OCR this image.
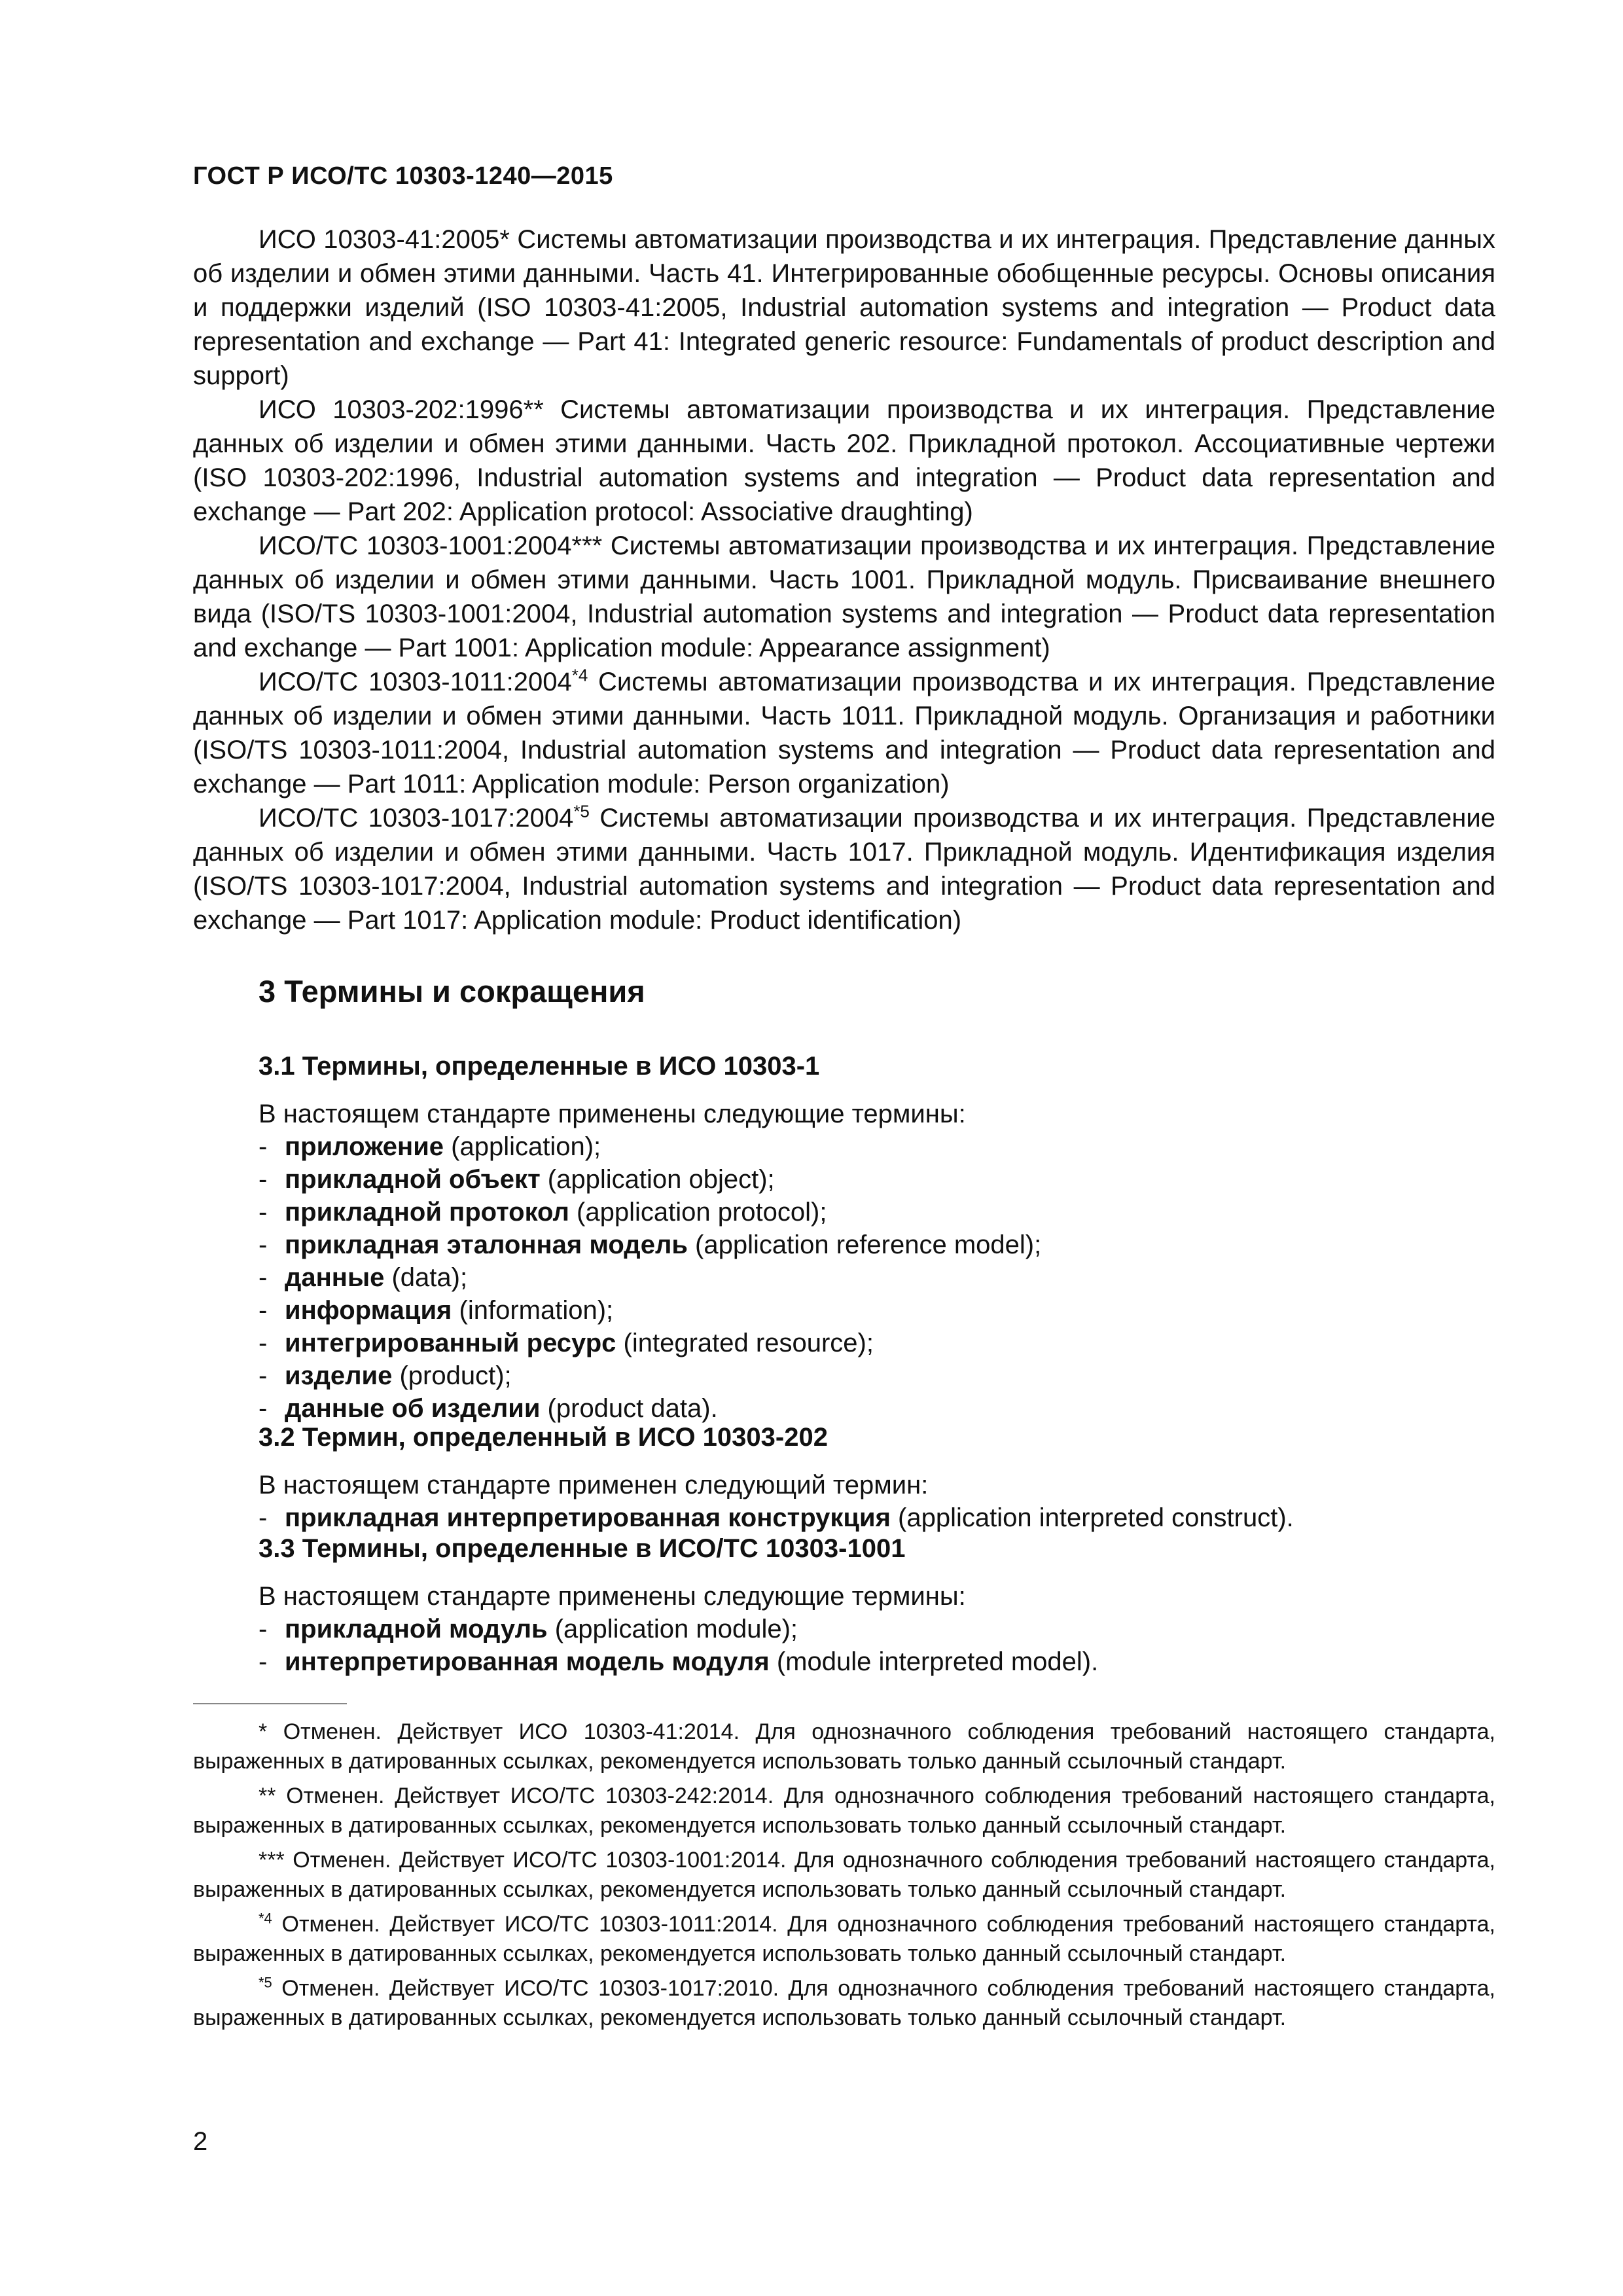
ГОСТ Р ИСО/ТС 10303-1240—2015

ИСО 10303-41:2005* Системы автоматизации производства и их интеграция. Представление данных об изделии и обмен этими данными. Часть 41. Интегрированные обобщенные ресурсы. Основы описания и поддержки изделий (ISO 10303-41:2005, Industrial automation systems and integration — Product data representation and exchange — Part 41: Integrated generic resource: Fundamentals of product description and support)

ИСО 10303-202:1996** Системы автоматизации производства и их интеграция. Представление данных об изделии и обмен этими данными. Часть 202. Прикладной протокол. Ассоциативные чертежи (ISO 10303-202:1996, Industrial automation systems and integration — Product data representation and exchange — Part 202: Application protocol: Associative draughting)

ИСО/ТС 10303-1001:2004*** Системы автоматизации производства и их интеграция. Представление данных об изделии и обмен этими данными. Часть 1001. Прикладной модуль. Присваивание внешнего вида (ISO/TS 10303-1001:2004, Industrial automation systems and integration — Product data representation and exchange — Part 1001: Application module: Appearance assignment)

ИСО/ТС 10303-1011:2004$^{*4}$ Системы автоматизации производства и их интеграция. Представление данных об изделии и обмен этими данными. Часть 1011. Прикладной модуль. Организация и работники (ISO/TS 10303-1011:2004, Industrial automation systems and integration — Product data representation and exchange — Part 1011: Application module: Person organization)

ИСО/ТС 10303-1017:2004$^{*5}$ Системы автоматизации производства и их интеграция. Представление данных об изделии и обмен этими данными. Часть 1017. Прикладной модуль. Идентификация изделия (ISO/TS 10303-1017:2004, Industrial automation systems and integration — Product data representation and exchange — Part 1017: Application module: Product identification)

3 Термины и сокращения
3.1 Термины, определенные в ИСО 10303-1

В настоящем стандарте применены следующие термины:

- приложение (application);
- прикладной объект (application object);
- прикладной протокол (application protocol);
- прикладная эталонная модель (application reference model);
- данные (data);
- информация (information);
- интегрированный ресурс (integrated resource);
- изделие (product);
- данные об изделии (product data).
3.2 Термин, определенный в ИСО 10303-202

В настоящем стандарте применен следующий термин:

- прикладная интерпретированная конструкция (application interpreted construct).
3.3 Термины, определенные в ИСО/ТС 10303-1001

В настоящем стандарте применены следующие термины:

- прикладной модуль (application module);
- интерпретированная модель модуля (module interpreted model).

* Отменен. Действует ИСО 10303-41:2014. Для однозначного соблюдения требований настоящего стандарта, выраженных в датированных ссылках, рекомендуется использовать только данный ссылочный стандарт.

** Отменен. Действует ИСО/ТС 10303-242:2014. Для однозначного соблюдения требований настоящего стандарта, выраженных в датированных ссылках, рекомендуется использовать только данный ссылочный стандарт.

*** Отменен. Действует ИСО/ТС 10303-1001:2014. Для однозначного соблюдения требований настоящего стандарта, выраженных в датированных ссылках, рекомендуется использовать только данный ссылочный стандарт.

$^{*4}$ Отменен. Действует ИСО/ТС 10303-1011:2014. Для однозначного соблюдения требований настоящего стандарта, выраженных в датированных ссылках, рекомендуется использовать только данный ссылочный стандарт.

$^{*5}$ Отменен. Действует ИСО/ТС 10303-1017:2010. Для однозначного соблюдения требований настоящего стандарта, выраженных в датированных ссылках, рекомендуется использовать только данный ссылочный стандарт.

2
